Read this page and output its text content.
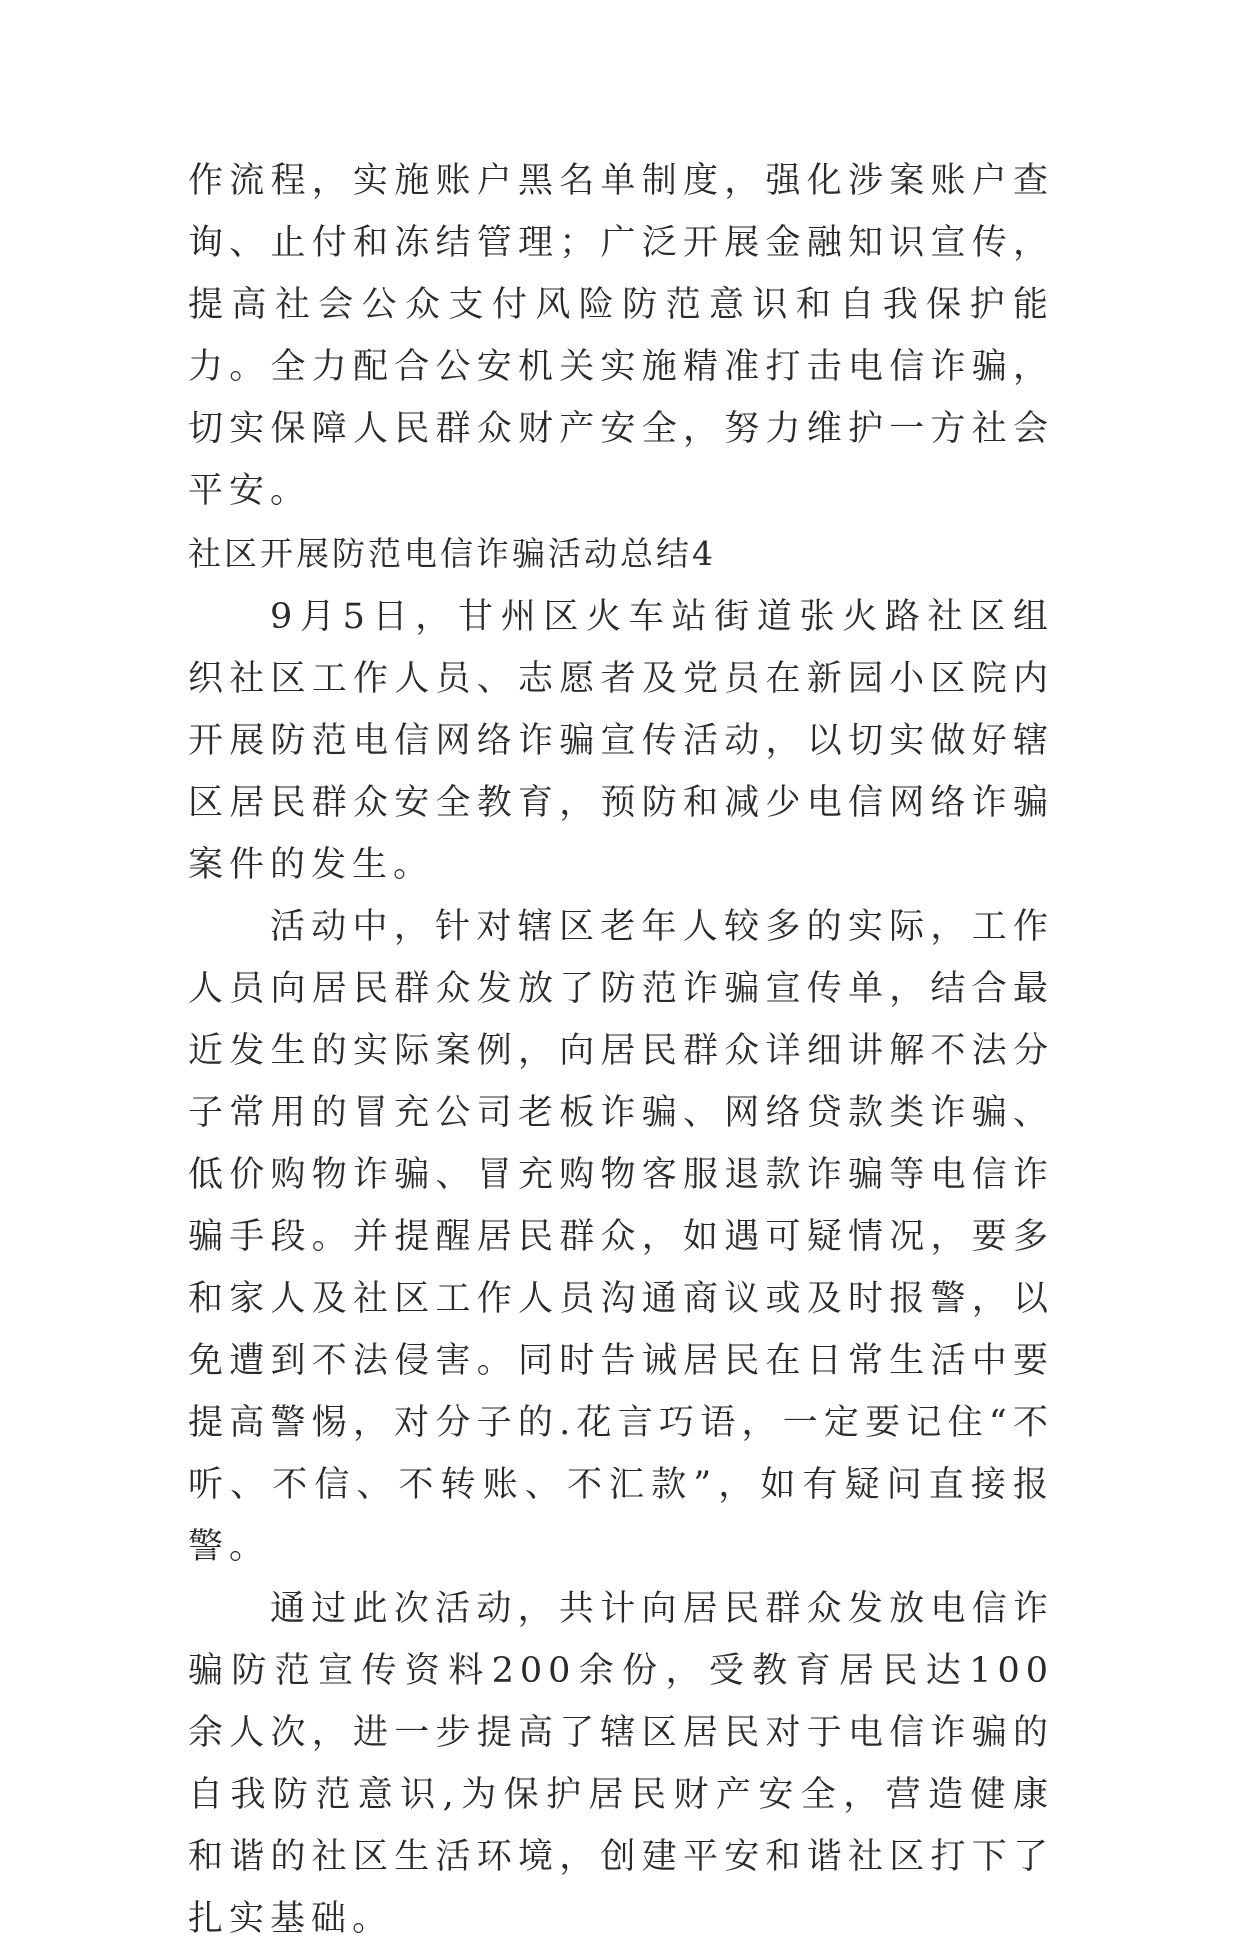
作流程，实施账户黑名单制度，强化涉案账户查询、止付和冻结管理；广泛开展金融知识宣传，提高社会公众支付风险防范意识和自我保护能力。全力配合公安机关实施精准打击电信诈骗，切实保障人民群众财产安全，努力维护一方社会平安。

社区开展防范电信诈骗活动总结4

9月5日，甘州区火车站街道张火路社区组织社区工作人员、志愿者及党员在新园小区院内开展防范电信网络诈骗宣传活动，以切实做好辖区居民群众安全教育，预防和减少电信网络诈骗案件的发生。

活动中，针对辖区老年人较多的实际，工作人员向居民群众发放了防范诈骗宣传单，结合最近发生的实际案例，向居民群众详细讲解不法分子常用的冒充公司老板诈骗、网络贷款类诈骗、低价购物诈骗、冒充购物客服退款诈骗等电信诈骗手段。并提醒居民群众，如遇可疑情况，要多和家人及社区工作人员沟通商议或及时报警，以免遭到不法侵害。同时告诫居民在日常生活中要提高警惕，对分子的.花言巧语，一定要记住“不听、不信、不转账、不汇款”，如有疑问直接报警。

通过此次活动，共计向居民群众发放电信诈骗防范宣传资料200余份，受教育居民达100余人次，进一步提高了辖区居民对于电信诈骗的自我防范意识,为保护居民财产安全，营造健康和谐的社区生活环境，创建平安和谐社区打下了扎实基础。
